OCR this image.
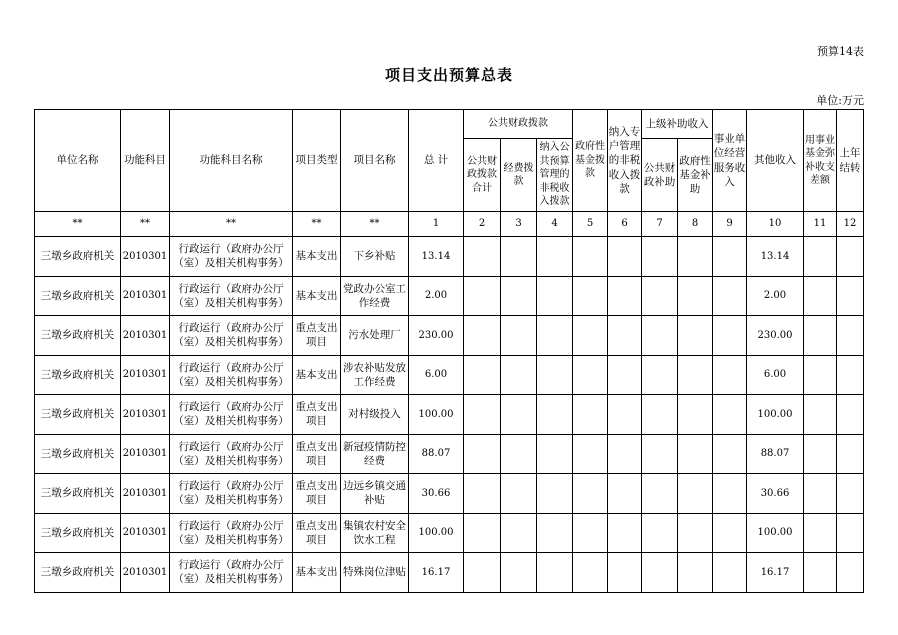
预算14表
项目支出预算总表
单位:万元
单位名称	功能科目	功能科目名称	项目类型	项目名称	总 计	公共财政拨款			政府性基金拨款	纳入专户管理的非税收入拨款	上级补助收入		事业单位经营服务收入	其他收入	用事业基金弥补收支差额	上年结转
						公共财政拨款合计	经费拨款	纳入公共预算管理的非税收入拨款			公共财政补助	政府性基金补助				
**	**	**	**	**	1	2	3	4	5	6	7	8	9	10	11	12
三墩乡政府机关	2010301	行政运行（政府办公厅（室）及相关机构事务）	基本支出	下乡补贴	13.14									13.14		
三墩乡政府机关	2010301	行政运行（政府办公厅（室）及相关机构事务）	基本支出	党政办公室工作经费	2.00									2.00		
三墩乡政府机关	2010301	行政运行（政府办公厅（室）及相关机构事务）	重点支出项目	污水处理厂	230.00									230.00		
三墩乡政府机关	2010301	行政运行（政府办公厅（室）及相关机构事务）	基本支出	涉农补贴发放工作经费	6.00									6.00		
三墩乡政府机关	2010301	行政运行（政府办公厅（室）及相关机构事务）	重点支出项目	对村级投入	100.00									100.00		
三墩乡政府机关	2010301	行政运行（政府办公厅（室）及相关机构事务）	重点支出项目	新冠疫情防控经费	88.07									88.07		
三墩乡政府机关	2010301	行政运行（政府办公厅（室）及相关机构事务）	重点支出项目	边远乡镇交通补贴	30.66									30.66		
三墩乡政府机关	2010301	行政运行（政府办公厅（室）及相关机构事务）	重点支出项目	集镇农村安全饮水工程	100.00									100.00		
三墩乡政府机关	2010301	行政运行（政府办公厅（室）及相关机构事务）	基本支出	特殊岗位津贴	16.17									16.17		
